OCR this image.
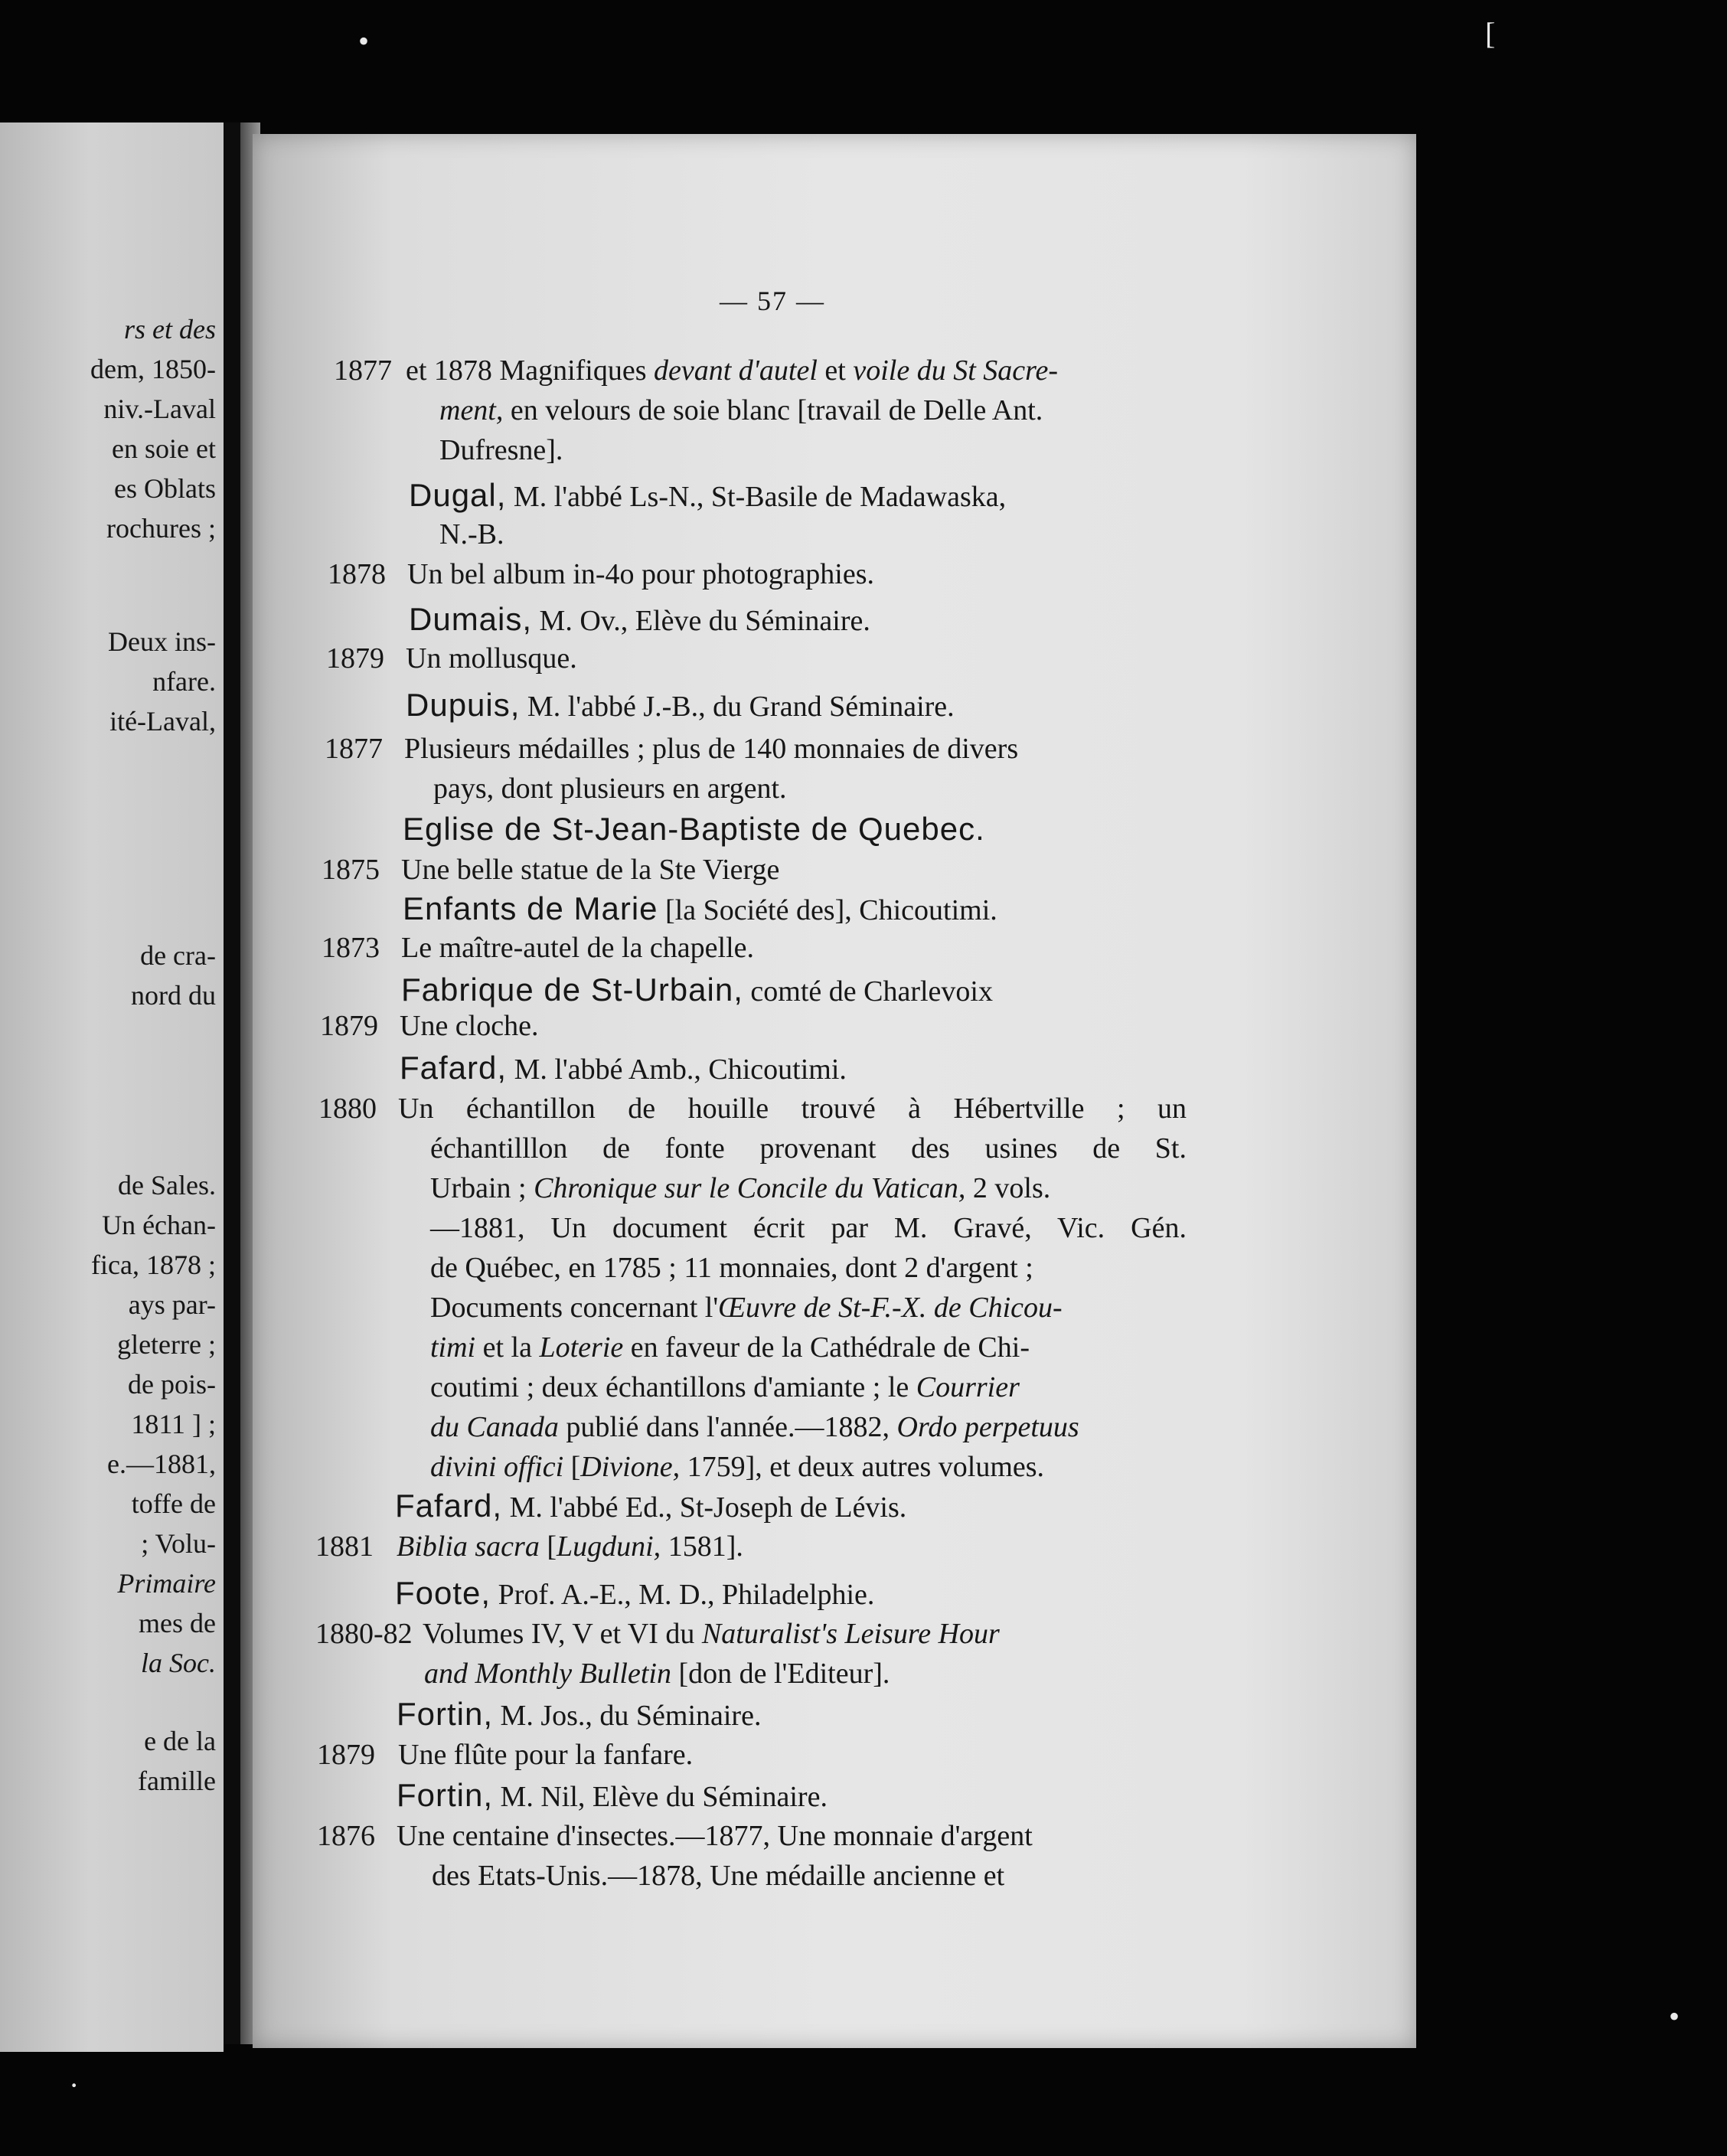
rs et des
dem, 1850-
niv.-Laval
en soie et
es Oblats
rochures ;
Deux ins-
nfare.
ité-Laval,
de cra-
nord du
de Sales.
Un échan-
fica, 1878 ;
ays par-
gleterre ;
de pois-
1811 ] ;
e.—1881,
toffe de
; Volu-
Primaire
mes de
la Soc.
e de la
famille
— 57 —
1877 et 1878 Magnifiques devant d'autel et voile du St Sacre-
ment, en velours de soie blanc [travail de Delle Ant.
Dufresne].
Dugal, M. l'abbé Ls-N., St-Basile de Madawaska,
N.-B.
1878 Un bel album in-4o pour photographies.
Dumais, M. Ov., Elève du Séminaire.
1879 Un mollusque.
Dupuis, M. l'abbé J.-B., du Grand Séminaire.
1877 Plusieurs médailles ; plus de 140 monnaies de divers
pays, dont plusieurs en argent.
Eglise de St-Jean-Baptiste de Quebec.
1875 Une belle statue de la Ste Vierge
Enfants de Marie [la Société des], Chicoutimi.
1873 Le maître-autel de la chapelle.
Fabrique de St-Urbain, comté de Charlevoix
1879 Une cloche.
Fafard, M. l'abbé Amb., Chicoutimi.
1880 Un échantillon de houille trouvé à Hébertville ; un
échantilllon de fonte provenant des usines de St.
Urbain ; Chronique sur le Concile du Vatican, 2 vols.
—1881, Un document écrit par M. Gravé, Vic. Gén.
de Québec, en 1785 ; 11 monnaies, dont 2 d'argent ;
Documents concernant l'Œuvre de St-F.-X. de Chicou-
timi et la Loterie en faveur de la Cathédrale de Chi-
coutimi ; deux échantillons d'amiante ; le Courrier
du Canada publié dans l'année.—1882, Ordo perpetuus
divini offici [Divione, 1759], et deux autres volumes.
Fafard, M. l'abbé Ed., St-Joseph de Lévis.
1881 Biblia sacra [Lugduni, 1581].
Foote, Prof. A.-E., M. D., Philadelphie.
1880-82 Volumes IV, V et VI du Naturalist's Leisure Hour
and Monthly Bulletin [don de l'Editeur].
Fortin, M. Jos., du Séminaire.
1879 Une flûte pour la fanfare.
Fortin, M. Nil, Elève du Séminaire.
1876 Une centaine d'insectes.—1877, Une monnaie d'argent
des Etats-Unis.—1878, Une médaille ancienne et
•	[
•
·
